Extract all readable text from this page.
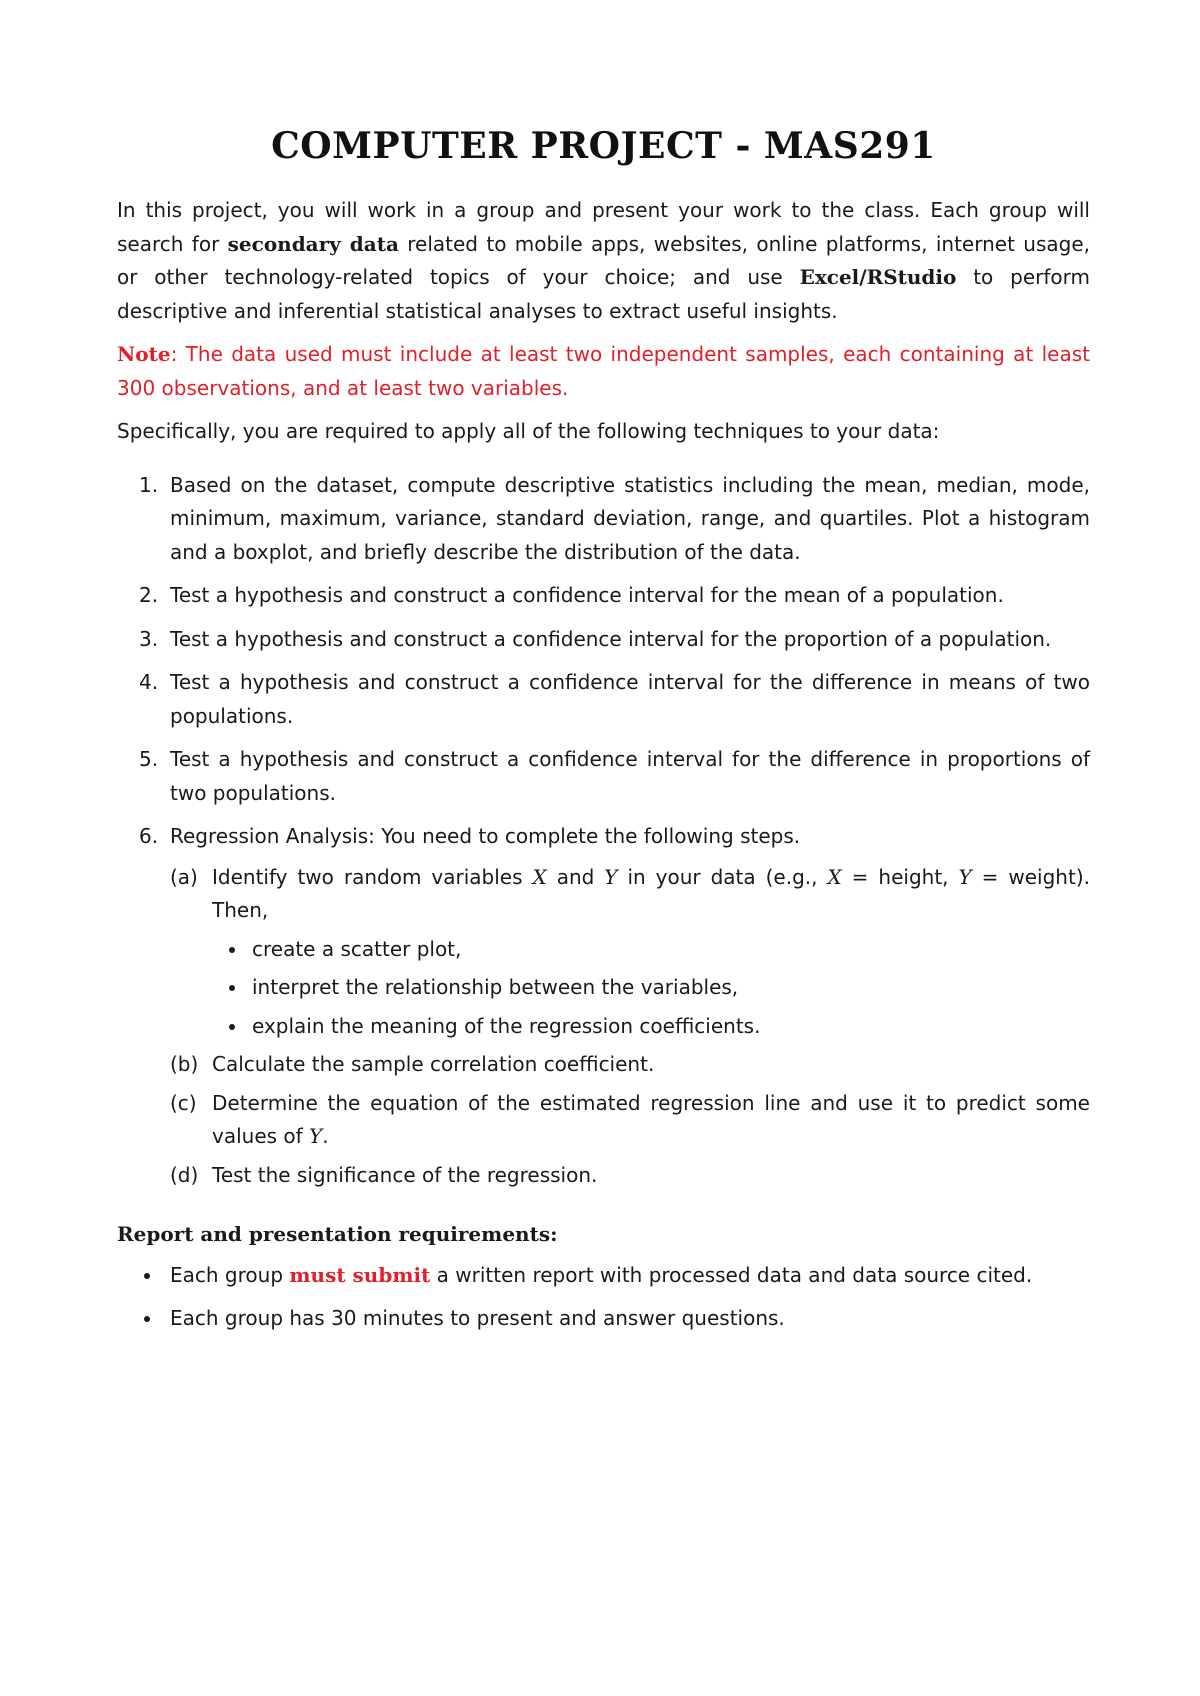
COMPUTER PROJECT - MAS291

In this project, you will work in a group and present your work to the class. Each group will search for secondary data related to mobile apps, websites, online platforms, internet usage, or other technology-related topics of your choice; and use Excel/RStudio to perform descriptive and inferential statistical analyses to extract useful insights.

Note: The data used must include at least two independent samples, each containing at least 300 observations, and at least two variables.

Specifically, you are required to apply all of the following techniques to your data:

1. Based on the dataset, compute descriptive statistics including the mean, median, mode, minimum, maximum, variance, standard deviation, range, and quartiles. Plot a histogram and a boxplot, and briefly describe the distribution of the data.
2. Test a hypothesis and construct a confidence interval for the mean of a population.
3. Test a hypothesis and construct a confidence interval for the proportion of a population.
4. Test a hypothesis and construct a confidence interval for the difference in means of two populations.
5. Test a hypothesis and construct a confidence interval for the difference in proportions of two populations.
6. Regression Analysis: You need to complete the following steps.
(a) Identify two random variables X and Y in your data (e.g., X = height, Y = weight). Then,
create a scatter plot,
interpret the relationship between the variables,
explain the meaning of the regression coefficients.
(b) Calculate the sample correlation coefficient.
(c) Determine the equation of the estimated regression line and use it to predict some values of Y.
(d) Test the significance of the regression.

Report and presentation requirements:

Each group must submit a written report with processed data and data source cited.
Each group has 30 minutes to present and answer questions.
